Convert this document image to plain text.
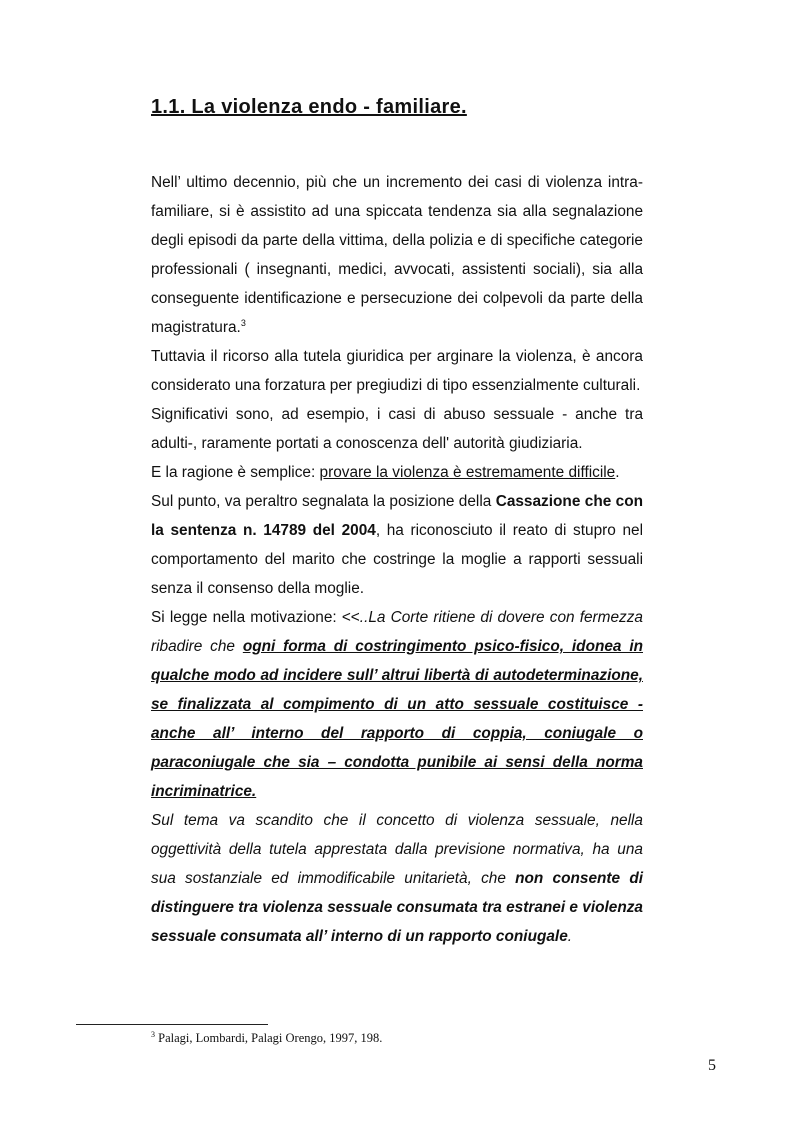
1.1. La violenza endo - familiare.

Nell’ ultimo decennio, più che un incremento dei casi di violenza intra-familiare, si è assistito ad una spiccata tendenza sia alla segnalazione degli episodi da parte della vittima, della polizia e di specifiche categorie professionali ( insegnanti, medici, avvocati, assistenti sociali), sia alla conseguente identificazione e persecuzione dei colpevoli da parte della magistratura.$^3$

Tuttavia il ricorso alla tutela giuridica per arginare la violenza, è ancora considerato una forzatura per pregiudizi di tipo essenzialmente culturali.

Significativi sono, ad esempio, i casi di abuso sessuale - anche tra adulti-, raramente portati a conoscenza dell' autorità giudiziaria.

E la ragione è semplice: provare la violenza è estremamente difficile.

Sul punto, va peraltro segnalata la posizione della Cassazione che con la sentenza n. 14789 del 2004, ha riconosciuto il reato di stupro nel comportamento del marito che costringe la moglie a rapporti sessuali senza il consenso della moglie.

Si legge nella motivazione: <<..La Corte ritiene di dovere con fermezza ribadire che ogni forma di costringimento psico-fisico, idonea in qualche modo ad incidere sull’ altrui libertà di autodeterminazione, se finalizzata al compimento di un atto sessuale costituisce - anche all’ interno del rapporto di coppia, coniugale o paraconiugale che sia – condotta punibile ai sensi della norma incriminatrice.

Sul tema va scandito che il concetto di violenza sessuale, nella oggettività della tutela apprestata dalla previsione normativa, ha una sua sostanziale ed immodificabile unitarietà, che non consente di distinguere tra violenza sessuale consumata tra estranei e violenza sessuale consumata all’ interno di un rapporto coniugale.

$^3$ Palagi, Lombardi, Palagi Orengo, 1997, 198.
5
